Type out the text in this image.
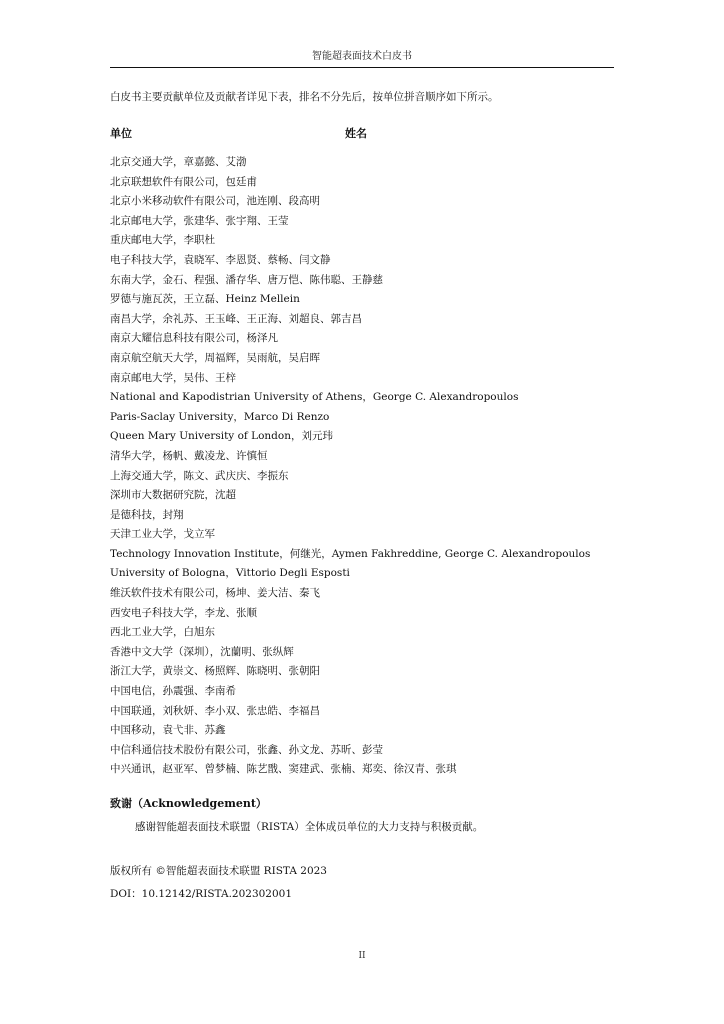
智能超表面技术白皮书
白皮书主要贡献单位及贡献者详见下表，排名不分先后，按单位拼音顺序如下所示。
单位	姓名
北京交通大学，章嘉懿、艾渤
北京联想软件有限公司，包廷甫
北京小米移动软件有限公司，池连刚、段高明
北京邮电大学，张建华、张宇翔、王莹
重庆邮电大学，李职杜
电子科技大学，袁晓军、李恩贤、蔡畅、闫文静
东南大学，金石、程强、潘存华、唐万恺、陈伟聪、王静慈
罗德与施瓦茨，王立磊、Heinz Mellein
南昌大学，余礼苏、王玉峰、王正海、刘超良、郭吉昌
南京大耀信息科技有限公司，杨泽凡
南京航空航天大学，周福辉，吴雨航，吴启晖
南京邮电大学，吴伟、王梓
National and Kapodistrian University of Athens，George C. Alexandropoulos
Paris-Saclay University，Marco Di Renzo
Queen Mary University of London，刘元玮
清华大学，杨帆、戴凌龙、许慎恒
上海交通大学，陈文、武庆庆、李振东
深圳市大数据研究院，沈超
是德科技，封翔
天津工业大学，戈立军
Technology Innovation Institute，何继光，Aymen Fakhreddine, George C. Alexandropoulos
University of Bologna，Vittorio Degli Esposti
维沃软件技术有限公司，杨坤、姜大洁、秦飞
西安电子科技大学，李龙、张顺
西北工业大学，白旭东
香港中文大学（深圳），沈蘭明、张纵辉
浙江大学，黄崇文、杨照辉、陈晓明、张朝阳
中国电信，孙震强、李南希
中国联通，刘秋妍、李小双、张忠皓、李福昌
中国移动，袁弋非、苏鑫
中信科通信技术股份有限公司，张鑫、孙文龙、苏昕、彭莹
中兴通讯，赵亚军、曾梦楠、陈艺戬、窦建武、张楠、郑奕、徐汉青、张琪
致谢（Acknowledgement）
感谢智能超表面技术联盟（RISTA）全体成员单位的大力支持与积极贡献。
版权所有 ©智能超表面技术联盟 RISTA 2023
DOI：10.12142/RISTA.202302001
II
